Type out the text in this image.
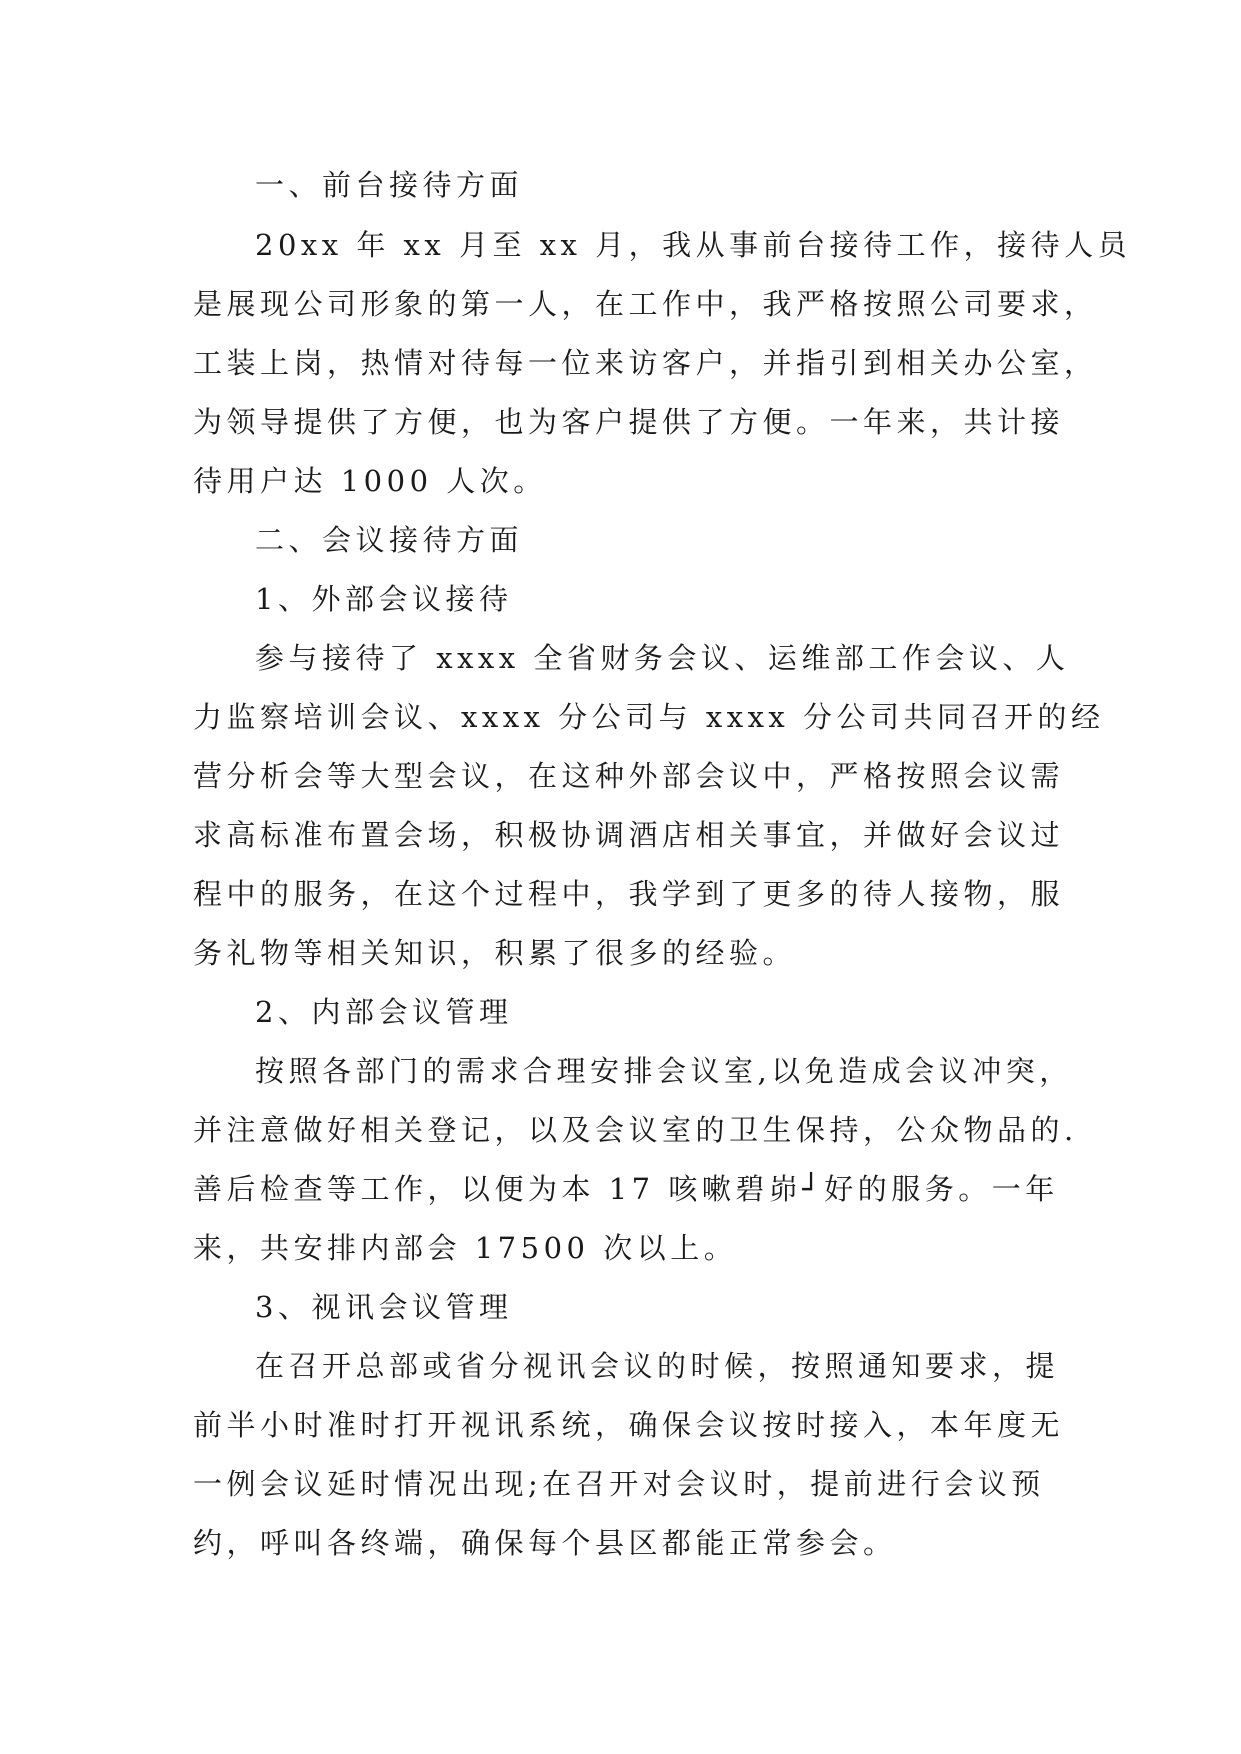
一、前台接待方面
20xx 年 xx 月至 xx 月，我从事前台接待工作，接待人员
是展现公司形象的第一人，在工作中，我严格按照公司要求，
工装上岗，热情对待每一位来访客户，并指引到相关办公室，
为领导提供了方便，也为客户提供了方便。一年来，共计接
待用户达 1000 人次。
二、会议接待方面
1、外部会议接待
参与接待了 xxxx 全省财务会议、运维部工作会议、人
力监察培训会议、xxxx 分公司与 xxxx 分公司共同召开的经
营分析会等大型会议，在这种外部会议中，严格按照会议需
求高标准布置会场，积极协调酒店相关事宜，并做好会议过
程中的服务，在这个过程中，我学到了更多的待人接物，服
务礼物等相关知识，积累了很多的经验。
2、内部会议管理
按照各部门的需求合理安排会议室,以免造成会议冲突，
并注意做好相关登记，以及会议室的卫生保持，公众物品的.
善后检查等工作，以便为本 17 咳嗽碧峁┘好的服务。一年
来，共安排内部会 17500 次以上。
3、视讯会议管理
在召开总部或省分视讯会议的时候，按照通知要求，提
前半小时准时打开视讯系统，确保会议按时接入，本年度无
一例会议延时情况出现;在召开对会议时，提前进行会议预
约，呼叫各终端，确保每个县区都能正常参会。
